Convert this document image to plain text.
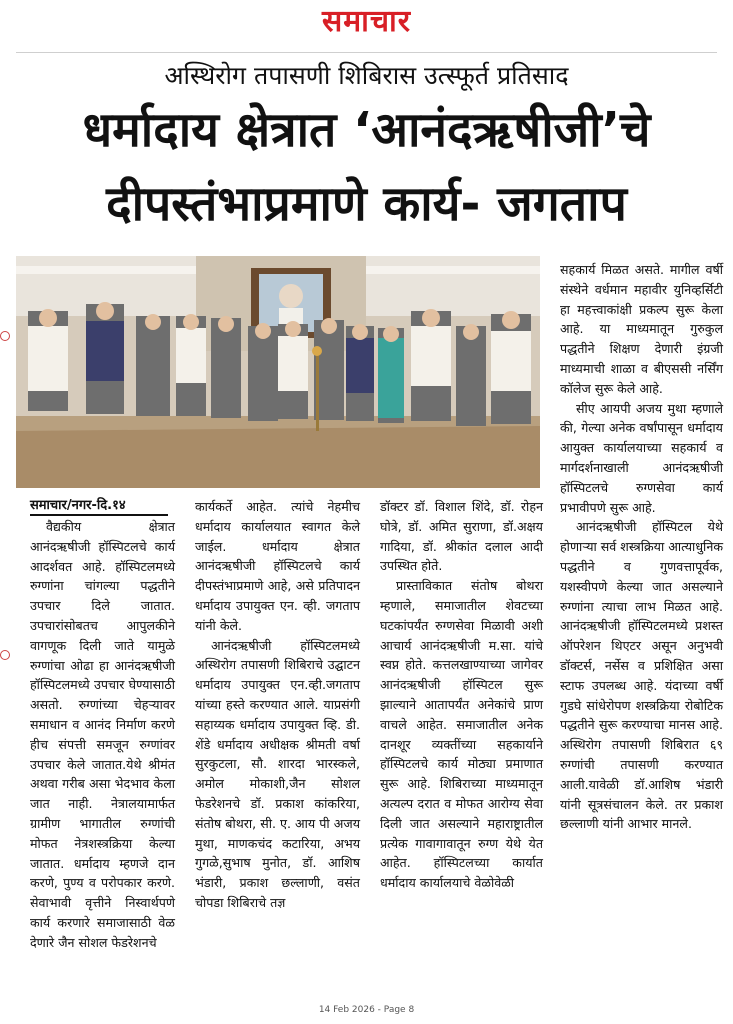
समाचार
अस्थिरोग तपासणी शिबिरास उत्स्फूर्त प्रतिसाद
धर्मादाय क्षेत्रात ‘आनंदऋषीजी’चे
दीपस्तंभाप्रमाणे कार्य- जगताप
समाचार/नगर-दि.१४

वैद्यकीय क्षेत्रात आनंदऋषीजी हॉस्पिटलचे कार्य आदर्शवत आहे. हॉस्पिटलमध्ये रुग्णांना चांगल्या पद्धतीने उपचार दिले जातात. उपचारांसोबतच आपुलकीने वागणूक दिली जाते यामुळे रुग्णांचा ओढा हा आनंदऋषीजी हॉस्पिटलमध्ये उपचार घेण्यासाठी असतो. रुग्णांच्या चेहऱ्यावर समाधान व आनंद निर्माण करणे हीच संपत्ती समजून रुग्णांवर उपचार केले जातात.येथे श्रीमंत अथवा गरीब असा भेदभाव केला जात नाही. नेत्रालयामार्फत ग्रामीण भागातील रुग्णांची मोफत नेत्रशस्त्रक्रिया केल्या जातात. धर्मादाय म्हणजे दान करणे, पुण्य व परोपकार करणे. सेवाभावी वृत्तीने निस्वार्थपणे कार्य करणारे समाजासाठी वेळ देणारे जैन सोशल फेडरेशनचे

कार्यकर्ते आहेत. त्यांचे नेहमीच धर्मादाय कार्यालयात स्वागत केले जाईल. धर्मादाय क्षेत्रात आनंदऋषीजी हॉस्पिटलचे कार्य दीपस्तंभाप्रमाणे आहे, असे प्रतिपादन धर्मादाय उपायुक्त एन. व्ही. जगताप यांनी केले.

आनंदऋषीजी हॉस्पिटलमध्ये अस्थिरोग तपासणी शिबिराचे उद्घाटन धर्मादाय उपायुक्त एन.व्ही.जगताप यांच्या हस्ते करण्यात आले. याप्रसंगी सहाय्यक धर्मादाय उपायुक्त व्हि. डी. शेंडे धर्मादाय अधीक्षक श्रीमती वर्षा सुरकुटला, सौ. शारदा भारस्कले, अमोल मोकाशी,जैन सोशल फेडरेशनचे डॉ. प्रकाश कांकरिया, संतोष बोथरा, सी. ए. आय पी अजय मुथा, माणकचंद कटारिया, अभय गुगळे,सुभाष मुनोत, डॉ. आशिष भंडारी, प्रकाश छल्लाणी, वसंत चोपडा शिबिराचे तज्ञ

डॉक्टर डॉ. विशाल शिंदे, डॉ. रोहन घोत्रे, डॉ. अमित सुराणा, डॉ.अक्षय गादिया, डॉ. श्रीकांत दलाल आदी उपस्थित होते.

प्रास्ताविकात संतोष बोथरा म्हणाले, समाजातील शेवटच्या घटकांपर्यंत रुग्णसेवा मिळावी अशी आचार्य आनंदऋषीजी म.सा. यांचे स्वप्न होते. कत्तलखाण्याच्या जागेवर आनंदऋषीजी हॉस्पिटल सुरू झाल्याने आतापर्यंत अनेकांचे प्राण वाचले आहेत. समाजातील अनेक दानशूर व्यक्तींच्या सहकार्याने हॉस्पिटलचे कार्य मोठ्या प्रमाणात सुरू आहे. शिबिराच्या माध्यमातून अत्यल्प दरात व मोफत आरोग्य सेवा दिली जात असल्याने महाराष्ट्रातील प्रत्येक गावागावातून रुग्ण येथे येत आहेत. हॉस्पिटलच्या कार्यात धर्मादाय कार्यालयाचे वेळोवेळी

सहकार्य मिळत असते. मागील वर्षी संस्थेने वर्धमान महावीर युनिव्हर्सिटी हा महत्त्वाकांक्षी प्रकल्प सुरू केला आहे. या माध्यमातून गुरुकुल पद्धतीने शिक्षण देणारी इंग्रजी माध्यमाची शाळा व बीएससी नर्सिंग कॉलेज सुरू केले आहे.

सीए आयपी अजय मुथा म्हणाले की, गेल्या अनेक वर्षांपासून धर्मादाय आयुक्त कार्यालयाच्या सहकार्य व मार्गदर्शनाखाली आनंदऋषीजी हॉस्पिटलचे रुग्णसेवा कार्य प्रभावीपणे सुरू आहे.

आनंदऋषीजी हॉस्पिटल येथे होणाऱ्या सर्व शस्त्रक्रिया आत्याधुनिक पद्धतीने व गुणवत्तापूर्वक, यशस्वीपणे केल्या जात असल्याने रुग्णांना त्याचा लाभ मिळत आहे. आनंदऋषीजी हॉस्पिटलमध्ये प्रशस्त ऑपरेशन थिएटर असून अनुभवी डॉक्टर्स, नर्सेस व प्रशिक्षित असा स्टाफ उपलब्ध आहे. यंदाच्या वर्षी गुडघे सांधेरोपण शस्त्रक्रिया रोबोटिक पद्धतीने सुरू करण्याचा मानस आहे. अस्थिरोग तपासणी शिबिरात ६९ रुग्णांची तपासणी करण्यात आली.यावेळी डॉ.आशिष भंडारी यांनी सूत्रसंचालन केले. तर प्रकाश छल्लाणी यांनी आभार मानले.

14 Feb 2026 - Page 8
